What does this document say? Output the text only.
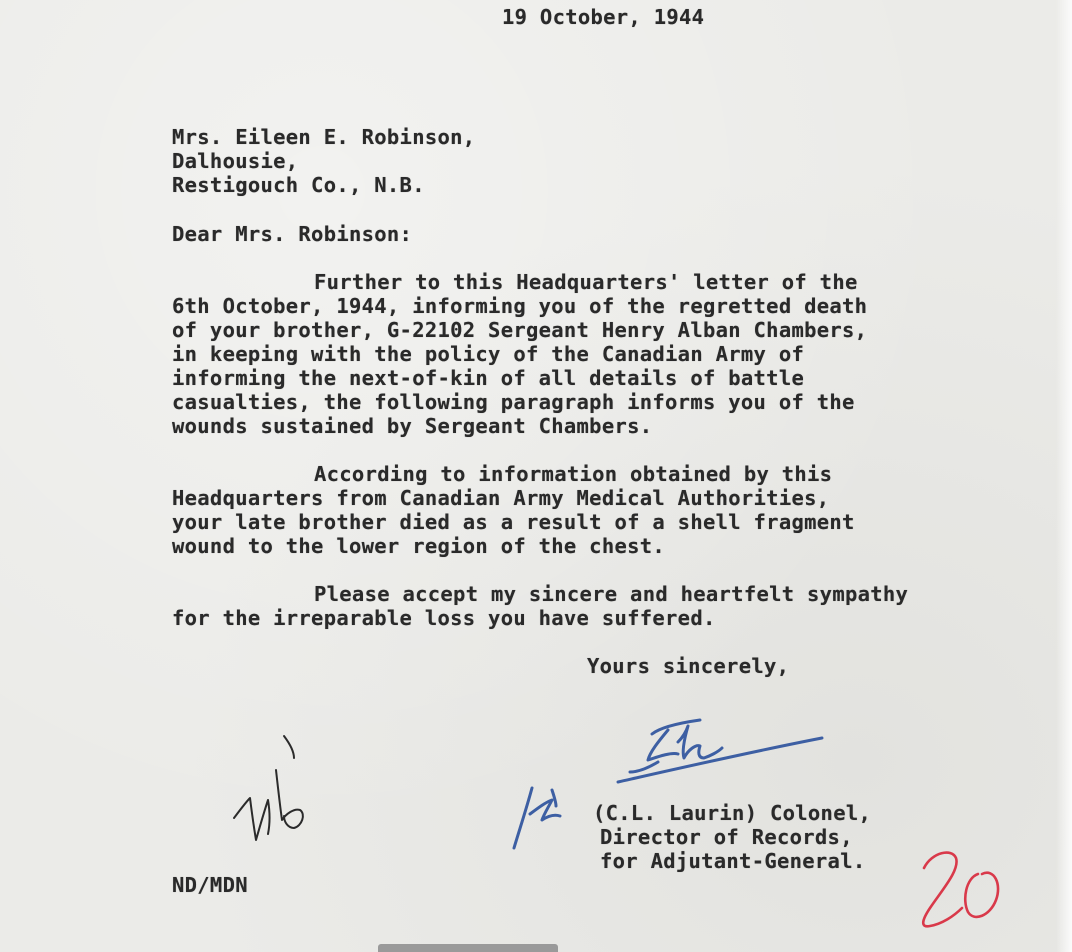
19 October, 1944
Mrs. Eileen E. Robinson,
Dalhousie,
Restigouch Co., N.B.
Dear Mrs. Robinson:
Further to this Headquarters' letter of the
6th October, 1944, informing you of the regretted death
of your brother, G-22102 Sergeant Henry Alban Chambers,
in keeping with the policy of the Canadian Army of
informing the next-of-kin of all details of battle
casualties, the following paragraph informs you of the
wounds sustained by Sergeant Chambers.
According to information obtained by this
Headquarters from Canadian Army Medical Authorities,
your late brother died as a result of a shell fragment
wound to the lower region of the chest.
Please accept my sincere and heartfelt sympathy
for the irreparable loss you have suffered.
Yours sincerely,
(C.L. Laurin) Colonel,
Director of Records,
for Adjutant-General.
ND/MDN
